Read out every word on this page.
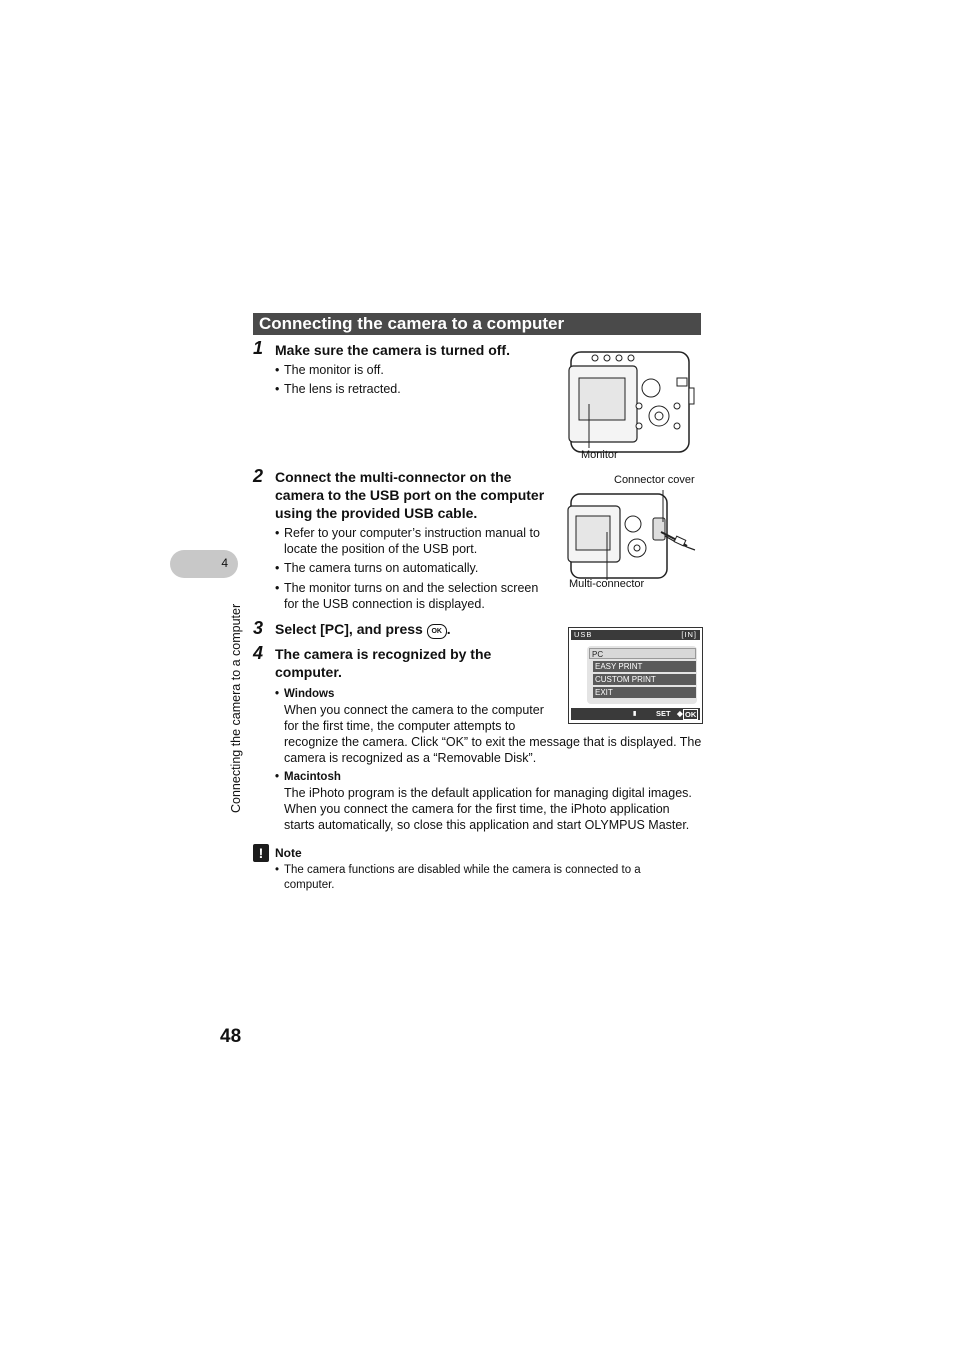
Connecting the camera to a computer
4
Connecting the camera to a computer
1 Make sure the camera is turned off.
• The monitor is off.
• The lens is retracted.
Monitor
2 Connect the multi-connector on the
camera to the USB port on the computer
using the provided USB cable.
• Refer to your computer’s instruction manual to
locate the position of the USB port.
• The camera turns on automatically.
• The monitor turns on and the selection screen
for the USB connection is displayed.
Connector cover
Multi-connector
3 Select [PC], and press OK .	USB	[IN]
PC
EASY PRINT
CUSTOM PRINT
EXIT
▮	SET ◆ OK
4 The camera is recognized by the
computer.
• Windows
When you connect the camera to the computer
for the first time, the computer attempts to
recognize the camera. Click “OK” to exit the message that is displayed. The
camera is recognized as a “Removable Disk”.
• Macintosh
The iPhoto program is the default application for managing digital images.
When you connect the camera for the first time, the iPhoto application
starts automatically, so close this application and start OLYMPUS Master.
! Note
• The camera functions are disabled while the camera is connected to a
computer.
48
